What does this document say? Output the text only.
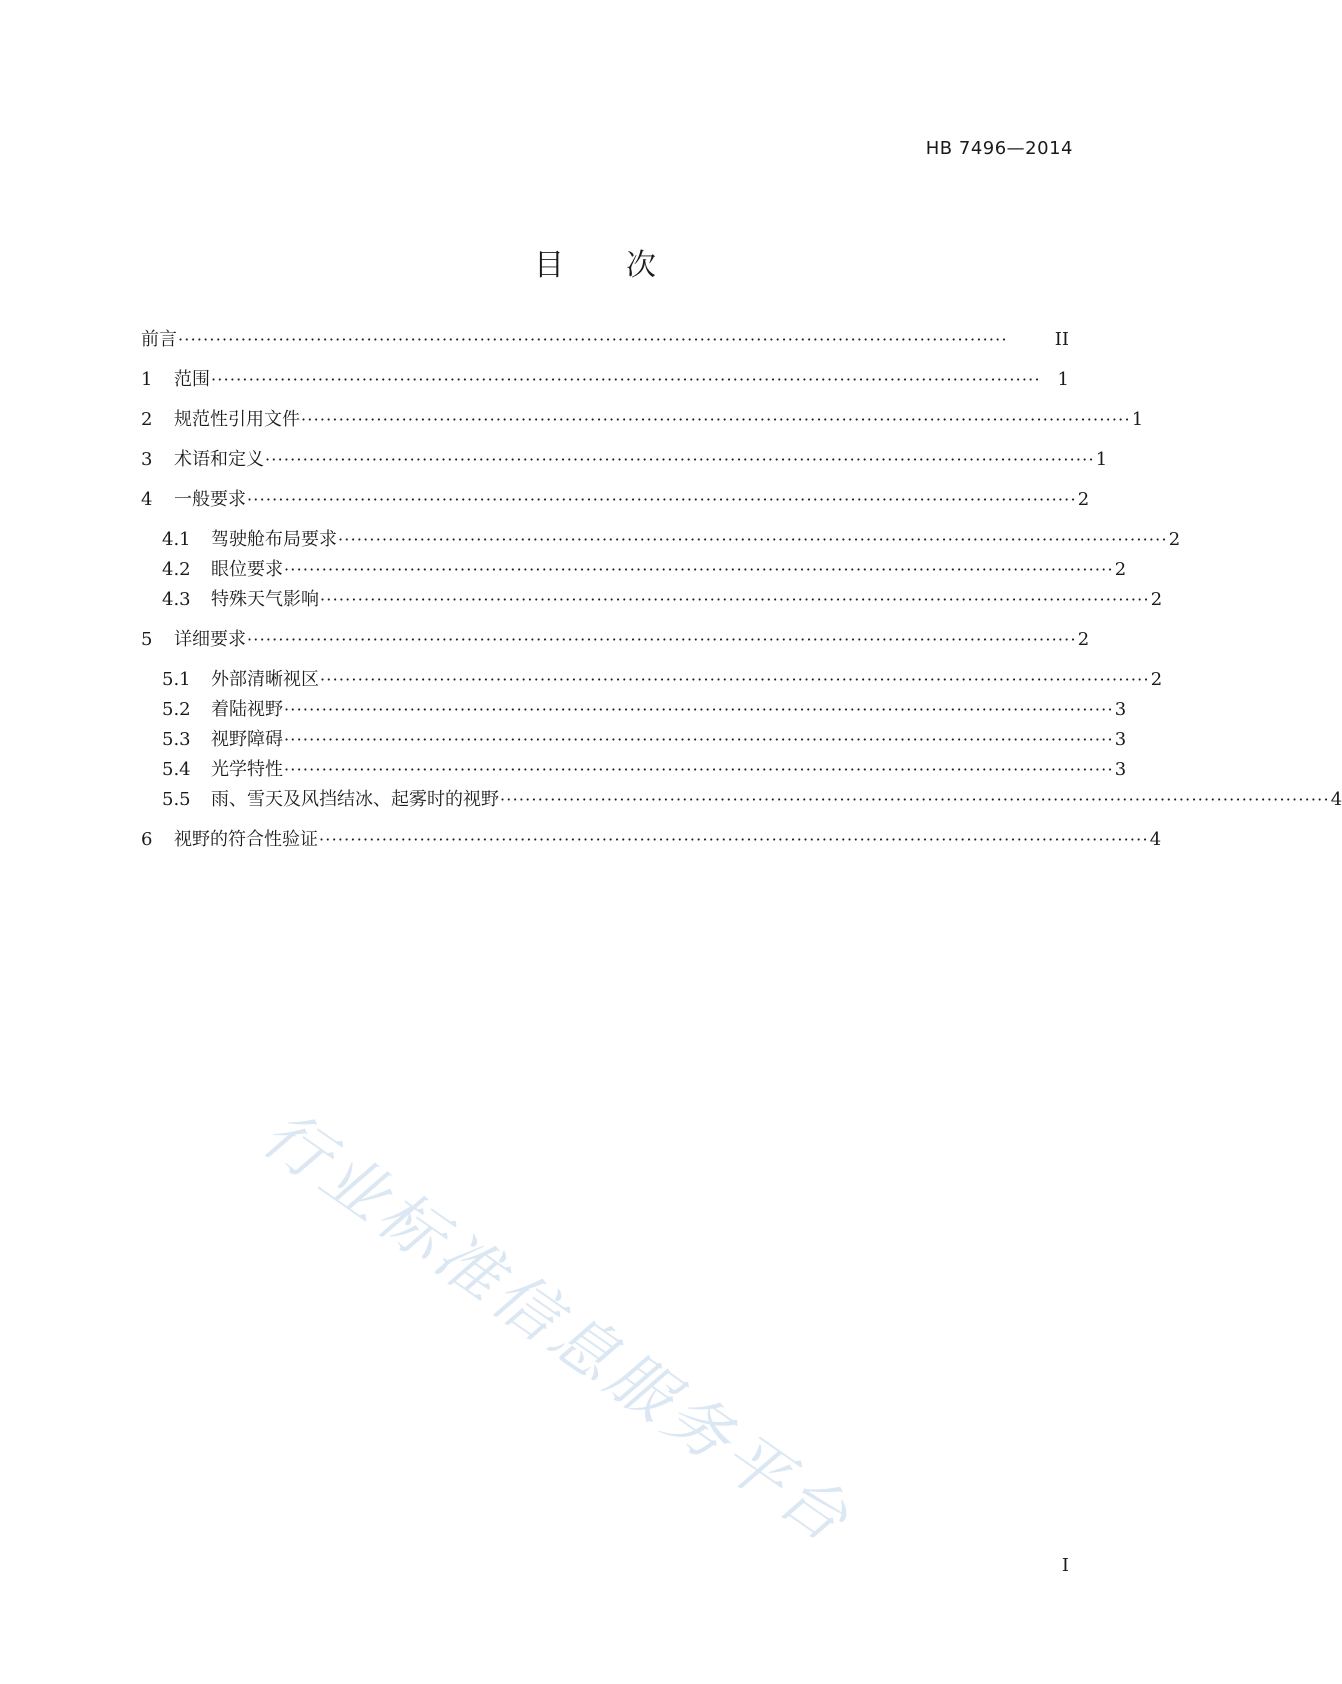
HB 7496—2014
目 次
前言 ····································································································································	II
1	范围 ···································································································································· 1
2	规范性引用文件 ···································································································································· 1
3	术语和定义 ···································································································································· 1
4	一般要求 ···································································································································· 2
4.1	驾驶舱布局要求 ···································································································································· 2
4.2	眼位要求 ···································································································································· 2
4.3	特殊天气影响 ···································································································································· 2
5	详细要求 ···································································································································· 2
5.1	外部清晰视区 ···································································································································· 2
5.2	着陆视野 ···································································································································· 3
5.3	视野障碍 ···································································································································· 3
5.4	光学特性 ···································································································································· 3
5.5	雨、雪天及风挡结冰、起雾时的视野 ···································································································································· 4
6	视野的符合性验证 ···································································································································· 4
行业标准信息服务平台
I
